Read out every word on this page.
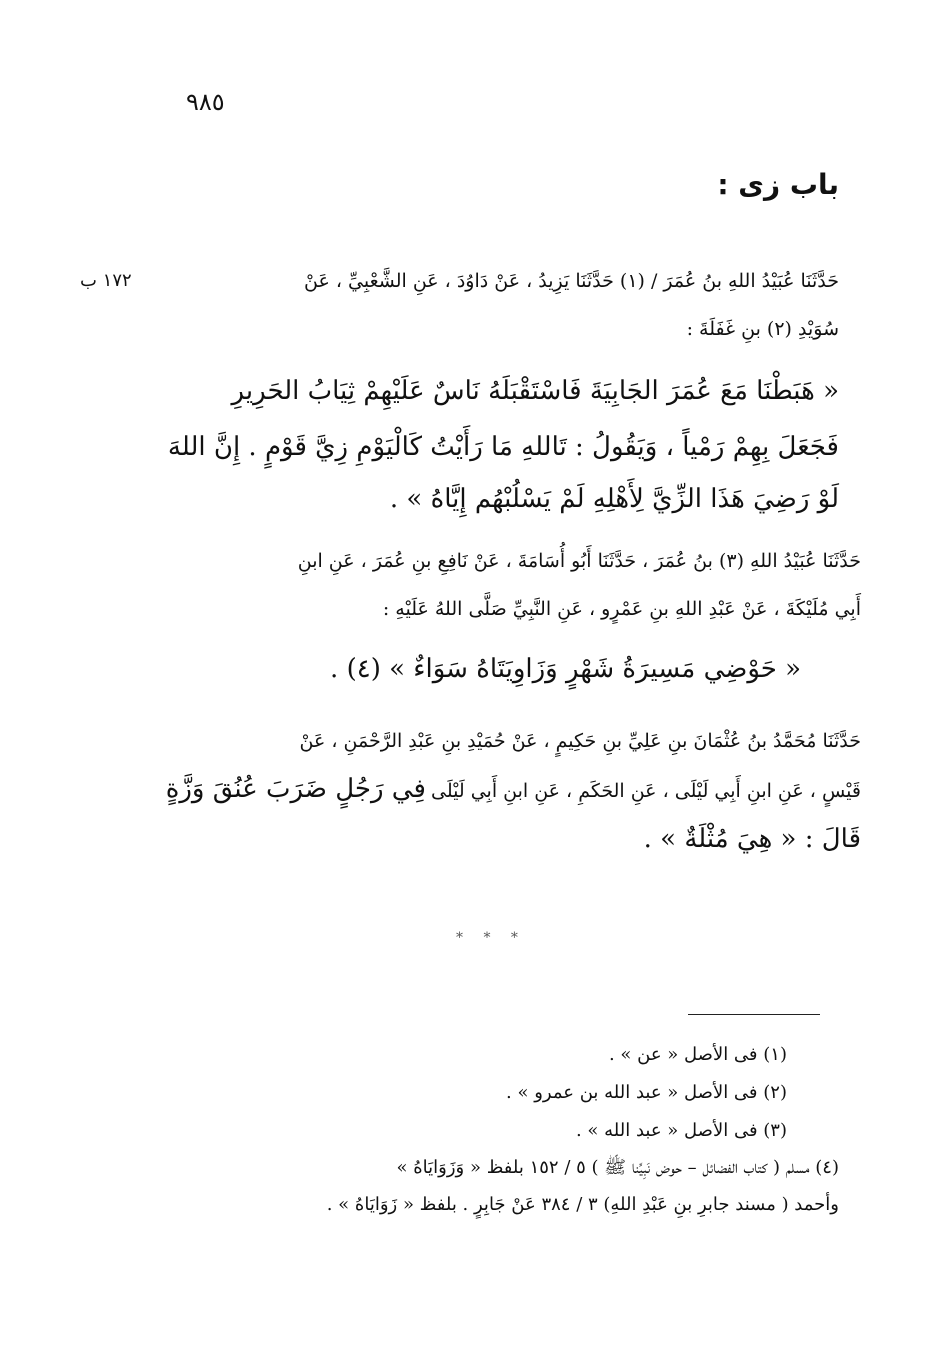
٩٨٥
باب زى :
١٧٢ ب	حَدَّثَنَا عُبَيْدُ اللهِ بنُ عُمَرَ / (١) حَدَّثَنَا يَزِيدُ ، عَنْ دَاوُدَ ، عَنِ الشَّعْبِيِّ ، عَنْ
سُوَيْدِ (٢) بنِ غَفَلَةَ :
« هَبَطْنَا مَعَ عُمَرَ الجَابِيَةَ فَاسْتَقْبَلَهُ نَاسٌ عَلَيْهِمْ ثِيَابُ الحَرِيرِ
فَجَعَلَ بِهِمْ رَمْياً ، وَيَقُولُ : تَاللهِ مَا رَأَيْتُ كَالْيَوْمِ زِيَّ قَوْمٍ . إِنَّ اللهَ
لَوْ رَضِيَ هَذَا الزِّيَّ لِأَهْلِهِ لَمْ يَسْلُبْهُم إِيَّاهُ » .
حَدَّثَنَا عُبَيْدُ اللهِ (٣) بنُ عُمَرَ ، حَدَّثَنَا أَبُو أُسَامَةَ ، عَنْ نَافِعِ بنِ عُمَرَ ، عَنِ ابنِ
أَبِي مُلَيْكَةَ ، عَنْ عَبْدِ اللهِ بنِ عَمْرٍو ، عَنِ النَّبِيِّ صَلَّى اللهُ عَلَيْهِ :
« حَوْضِي مَسِيرَةُ شَهْرٍ وَزَاوِيَتَاهُ سَوَاءٌ » (٤) .
حَدَّثَنَا مُحَمَّدُ بنُ عُثْمَانَ بنِ عَلِيِّ بنِ حَكِيمٍ ، عَنْ حُمَيْدِ بنِ عَبْدِ الرَّحْمَنِ ، عَنْ
قَيْسٍ ، عَنِ ابنِ أَبِي لَيْلَى ، عَنِ الحَكَمِ ، عَنِ ابنِ أَبِي لَيْلَى فِي رَجُلٍ ضَرَبَ عُنُقَ وَزَّةٍ
قَالَ : « هِيَ مُثْلَةٌ » .
* * *
(١) فى الأصل « عن » .
(٢) فى الأصل « عبد الله بن عمرو » .
(٣) فى الأصل « عبد الله » .
(٤) مسلم ( كتاب الفضائل – حوض نَبِيِّنا ﷺ ) ٥ / ١٥٢ بلفظ « وَزَوَايَاهُ »
وأحمد ( مسند جابرِ بنِ عَبْدِ اللهِ) ٣ / ٣٨٤ عَنْ جَابِرٍ . بلفظ « زَوَايَاهُ » .
